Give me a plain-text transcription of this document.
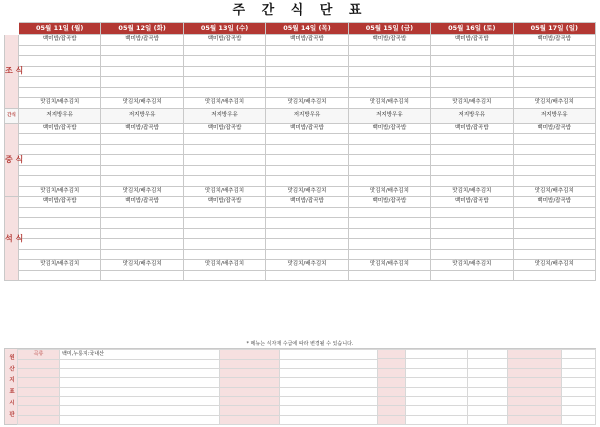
주 간 식 단 표
	05월 11일 (월)	05월 12일 (화)	05월 13일 (수)	05월 14일 (목)	05월 15일 (금)	05월 16일 (토)	05월 17일 (일)

조 식	백미밥/잡곡밥	백미밥/잡곡밥	백미밥/잡곡밥	백미밥/잡곡밥	백미밥/잡곡밥	백미밥/잡곡밥	백미밥/잡곡밥

	맛김치/배추김치	맛김치/배추김치	맛김치/배추김치	맛김치/배추김치	맛김치/배추김치	맛김치/배추김치	맛김치/배추김치

간식	저지방우유	저지방우유	저지방우유	저지방우유	저지방우유	저지방우유	저지방우유

중 식	백미밥/잡곡밥	백미밥/잡곡밥	백미밥/잡곡밥	백미밥/잡곡밥	백미밥/잡곡밥	백미밥/잡곡밥	백미밥/잡곡밥

	맛김치/배추김치	맛김치/배추김치	맛김치/배추김치	맛김치/배추김치	맛김치/배추김치	맛김치/배추김치	맛김치/배추김치

석 식	백미밥/잡곡밥	백미밥/잡곡밥	백미밥/잡곡밥	백미밥/잡곡밥	백미밥/잡곡밥	백미밥/잡곡밥	백미밥/잡곡밥

	맛김치/배추김치	맛김치/배추김치	맛김치/배추김치	맛김치/배추김치	맛김치/배추김치	맛김치/배추김치	맛김치/배추김치

* 메뉴는 식자재 수급에 따라 변경될 수 있습니다.
원 산 지 표 시 판
곡류	백미,누룽지:국내산		
